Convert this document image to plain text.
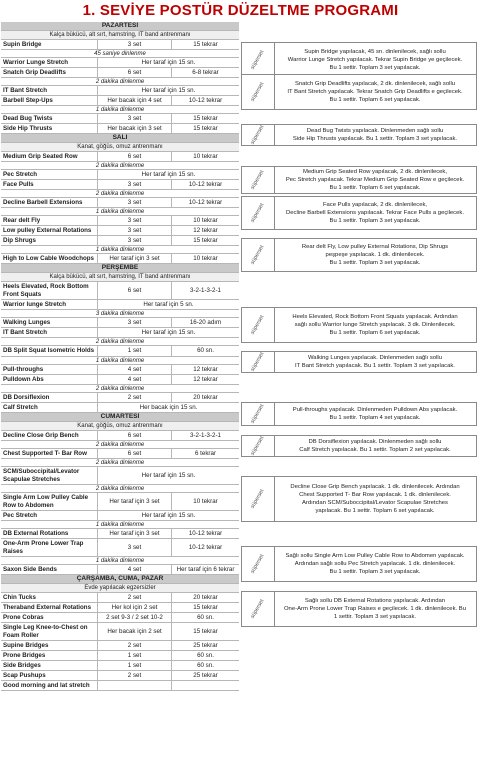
1. SEVİYE POSTÜR DÜZELTME PROGRAMI
PAZARTESİ
Kalça bükücü, alt sırt, hamstring, IT band antrenmanı
Supin Bridge	3 set	15 tekrar
45 saniye dinlenme
Warrior Lunge Stretch	Her taraf için 15 sn.
Snatch Grip Deadlifts	6 set	6-8 tekrar
2 dakika dinlenme
IT Bant Stretch	Her taraf için 15 sn.
Barbell Step-Ups	Her bacak için 4 set	10-12 tekrar
1 dakika dinlenme
Dead Bug Twists	3 set	15 tekrar
Side Hip Thrusts	Her bacak için 3 set	15 tekrar
SALI
Kanat, göğüs, omuz antrenmanı
Medium Grip Seated Row	6 set	10 tekrar
2 dakika dinlenme
Pec Stretch	Her taraf için 15 sn.
Face Pulls	3 set	10-12 tekrar
2 dakika dinlenme
Decline Barbell Extensions	3 set	10-12 tekrar
1 dakika dinlenme
Rear delt Fly	3 set	10 tekrar
Low pulley External Rotations	3 set	12 tekrar
Dip Shrugs	3 set	15 tekrar
1 dakika dinlenme
High to Low Cable Woodchops	Her taraf için 3 set	10 tekrar
PERŞEMBE
Kalça bükücü, alt sırt, hamstring, IT band antrenmanı
Heels Elevated, Rock Bottom Front Squats
6 set	3-2-1-3-2-1
Warrior lunge Stretch	Her taraf için 5 sn.
3 dakika dinlenme
Walking Lunges	3 set	16-20 adım
IT Bant Stretch	Her taraf için 15 sn.
2 dakika dinlenme
DB Split Squat Isometric Holds	1 set	60 sn.
1 dakika dinlenme
Pull-throughs	4 set	12 tekrar
Pulldown Abs	4 set	12 tekrar
2 dakika dinlenme
DB Dorsiflexion	2 set	20 tekrar
Calf Stretch	Her bacak için 15 sn.
CUMARTESİ
Kanat, göğüs, omuz antrenmanı
Decline Close Grip Bench	6 set	3-2-1-3-2-1
2 dakika dinlenme
Chest Supported T- Bar Row	6 set	6 tekrar
2 dakika dinlenme
SCM/Suboccipital/Levator Scapulae Stretches
Her taraf için 15 sn.
2 dakika dinlenme
Single Arm Low Pulley Cable Row to Abdomen
Her taraf için 3 set	10 tekrar
Pec Stretch	Her taraf için 15 sn.
1 dakika dinlenme
DB External Rotations	Her taraf için 3 set	10-12 tekrar
One-Arm Prone Lower Trap Raises
3 set	10-12 tekrar
1 dakika dinlenme
Saxon Side Bends	4 set	Her taraf için 6 tekrar
ÇARŞAMBA, CUMA, PAZAR
Evde yapılacak egzersizler
Chin Tucks	2 set	20 tekrar
Theraband External Rotations	Her kol için 2 set	15 tekrar
Prone Cobras	2 set 9-3 / 2 set 10-2	60 sn.
Single Leg Knee-to-Chest on Foam Roller
Her bacak için 2 set	15 tekrar
Supine Bridges	2 set	25 tekrar
Prone Bridges	1 set	60 sn.
Side Bridges	1 set	60 sn.
Scap Pushups	2 set	25 tekrar
Good morning and lat stretch
süperset	Supin Bridge yapılacak, 45 sn. dinlenilecek, sağlı sollu
Warrior Lunge Stretch yapılacak. Tekrar Supin Bridge ye geçilecek.
Bu 1 settir. Toplam 3 set yapılacak.
süperset	Snatch Grip Deadlifts yapılacak, 2 dk. dinlenilecek, sağlı sollu
IT Bant Stretch yapılacak. Tekrar Snatch Grip Deadlifts e geçilecek.
Bu 1 settir. Toplam 6 set yapılacak.
süperset	Dead Bug Twists yapılacak. Dinlenmeden sağlı sollu
Side Hip Thrusts yapılacak. Bu 1 settir. Toplam 3 set yapılacak.
süperset	Medium Grip Seated Row yapılacak, 2 dk. dinlenilecek,
Pec Stretch yapılacak. Tekrar Medium Grip Seated Row e geçilecek.
Bu 1 settir. Toplam 6 set yapılacak.
süperset	Face Pulls yapılacak, 2 dk. dinlenilecek,
Decline Barbell Extensions yapılacak. Tekrar Face Pulls a geçilecek.
Bu 1 settir. Toplam 3 set yapılacak.
süperset	Rear delt Fly, Low pulley External Rotations, Dip Shrugs
peşpeşe yapılacak. 1 dk. dinlenilecek.
Bu 1 settir. Toplam 3 set yapılacak.
süperset	Heels Elevated, Rock Bottom Front Squats yapılacak. Ardından
sağlı sollu Warrior lunge Stretch yapılacak. 3 dk. Dinlenilecek.
Bu 1 settir. Toplam 6 set yapılacak.
süperset	Walking Lunges yapılacak. Dinlenmeden sağlı sollu
IT Bant Stretch yapılacak. Bu 1 settir. Toplam 3 set yapılacak.
süperset	Pull-throughs yapılacak. Dinlenmeden Pulldown Abs yapılacak.
Bu 1 settir. Toplam 4 set yapılacak.
süperset	DB Dorsiflexion yapılacak. Dinlenmeden sağlı sollu
Calf Stretch yapılacak. Bu 1 settir. Toplam 2 set yapılacak.
süperset
Decline Close Grip Bench yapılacak. 1 dk. dinlenilecek. Ardından
Chest Supported T- Bar Row yapılacak. 1 dk. dinlenilecek.
Ardından SCM/Suboccipital/Levator Scapulae Stretches
yapılacak. Bu 1 settir. Toplam 6 set yapılacak.
süperset	Sağlı sollu Single Arm Low Pulley Cable Row to Abdomen yapılacak.
Ardından sağlı sollu Pec Stretch yapılacak. 1 dk. dinlenilecek.
Bu 1 settir. Toplam 3 set yapılacak.
süperset	Sağlı sollu DB External Rotations yapılacak. Ardından
One-Arm Prone Lower Trap Raises e geçilecek. 1 dk. dinlenilecek. Bu
1 settir. Toplam 3 set yapılacak.
